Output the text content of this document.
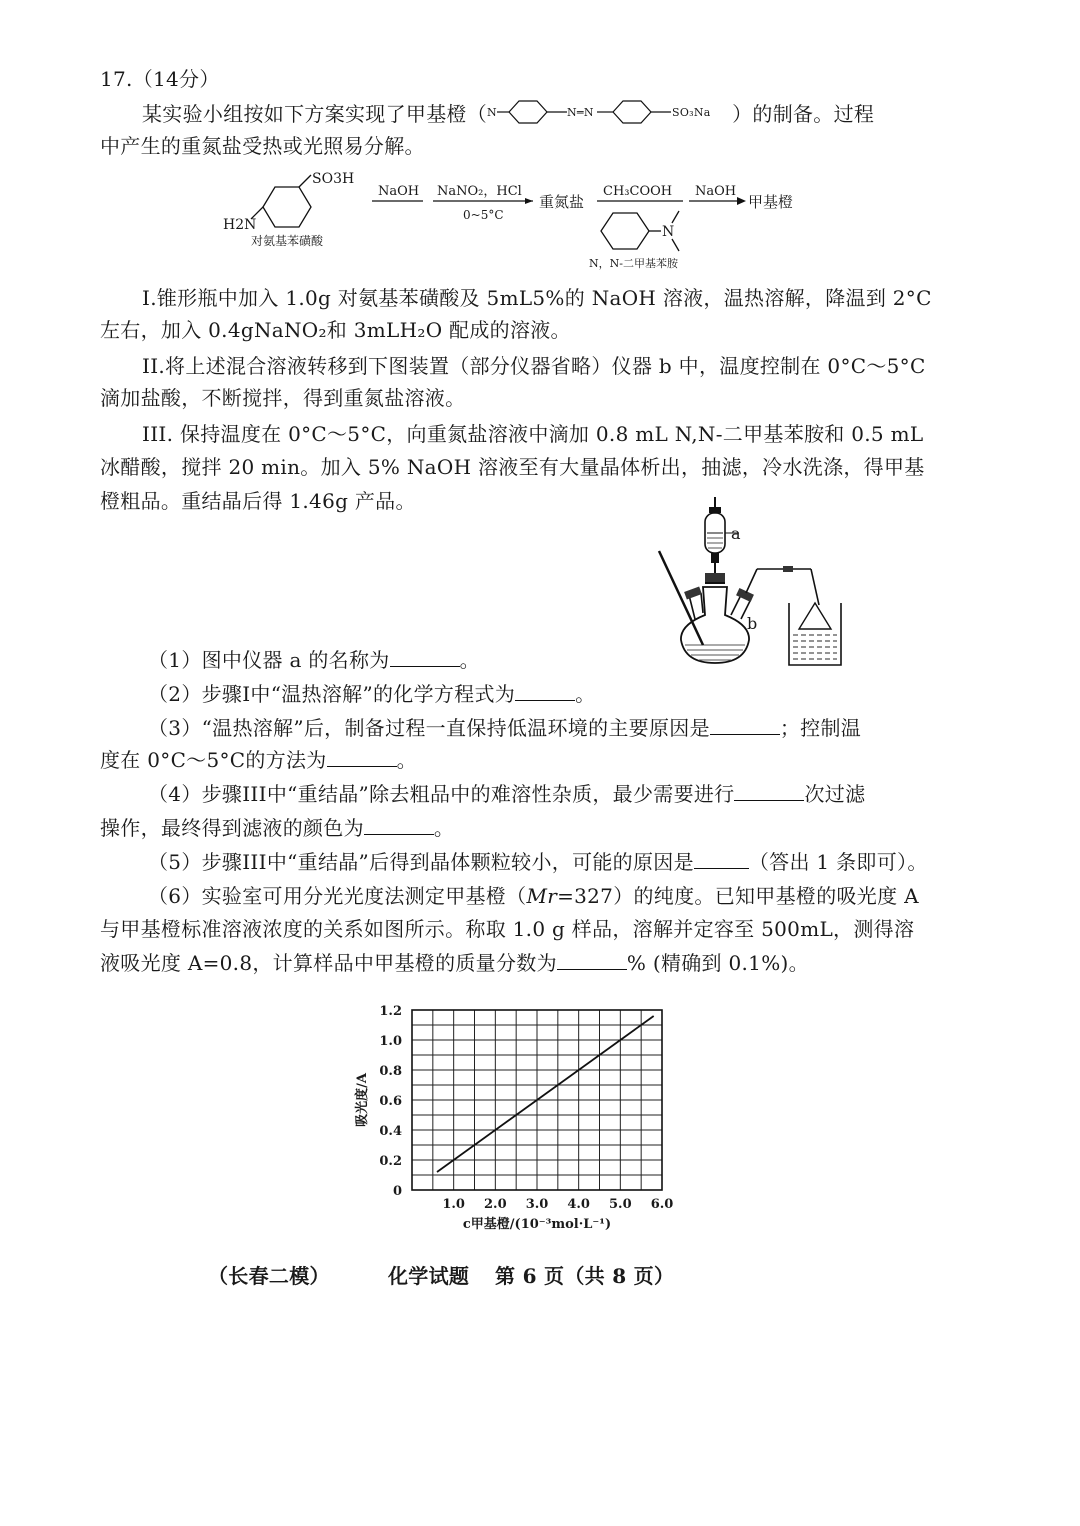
17.（14分）
某实验小组按如下方案实现了甲基橙（ N	N═N	SO₃Na ）的制备。过程
中产生的重氮盐受热或光照易分解。
SO3H
H2N
对氨基苯磺酸
NaOH NaNO₂，HCl
0~5°C
重氮盐
CH₃COOH NaOH
甲基橙
N
N，N-二甲基苯胺
I.锥形瓶中加入 1.0g 对氨基苯磺酸及 5mL5%的 NaOH 溶液，温热溶解，降温到 2°C
左右，加入 0.4gNaNO₂和 3mLH₂O 配成的溶液。
II.将上述混合溶液转移到下图装置（部分仪器省略）仪器 b 中，温度控制在 0°C～5°C
滴加盐酸，不断搅拌，得到重氮盐溶液。
III. 保持温度在 0°C～5°C，向重氮盐溶液中滴加 0.8 mL N,N-二甲基苯胺和 0.5 mL
冰醋酸，搅拌 20 min。加入 5% NaOH 溶液至有大量晶体析出，抽滤，冷水洗涤，得甲基
橙粗品。重结晶后得 1.46g 产品。
a
b
（1）图中仪器 a 的名称为	。
（2）步骤I中“温热溶解”的化学方程式为	。
（3）“温热溶解”后，制备过程一直保持低温环境的主要原因是	；控制温
度在 0°C～5°C的方法为	。
（4）步骤III中“重结晶”除去粗品中的难溶性杂质，最少需要进行	次过滤
操作，最终得到滤液的颜色为	。
（5）步骤III中“重结晶”后得到晶体颗粒较小，可能的原因是	（答出 1 条即可）。
（6）实验室可用分光光度法测定甲基橙（Mr=327）的纯度。已知甲基橙的吸光度 A
与甲基橙标准溶液浓度的关系如图所示。称取 1.0 g 样品，溶解并定容至 500mL，测得溶
液吸光度 A=0.8，计算样品中甲基橙的质量分数为	% (精确到 0.1%)。
0
0.2
0.4
0.6
0.8
1.0
1.2
1.0 2.0 3.0 4.0 5.0 6.0
吸光度/A
c甲基橙/(10⁻³mol·L⁻¹)
（长春二模）	化学试题 第 6 页（共 8 页）
